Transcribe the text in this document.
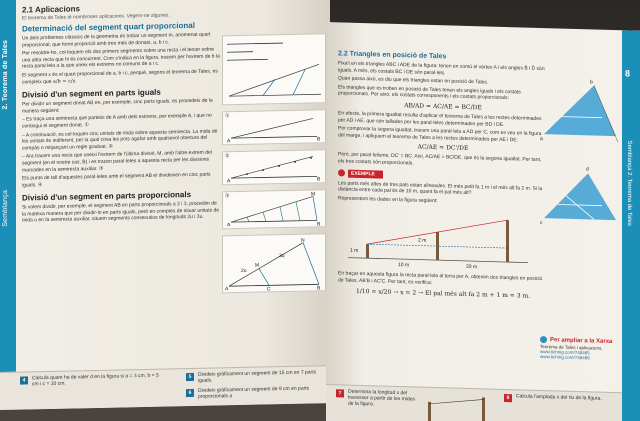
2. Teorema de Tales
Semblança
2.1 Aplicacions
El teorema de Tales té nombroses aplicacions. Vegem-ne algunes.
Determinació del segment quart proporcional
Un dels problemes clàssics de la geometria és trobar un segment m, anomenat quart proporcional, que formi proporció amb tres més de donats, a, b i c.
Per resoldre-ho, col·loquem els dos primers segments sobre una recta i el tercer sobre una altra recta que hi és concurrent. Com s'indica en la figura, tracem per l'extrem de b la recta paral·lela a la que uneix els extrems no comuns de a i c.
El segment x és el quart proporcional de a, b i c, perquè, segons el teorema de Tales, es compleix que a/b = c/x
Divisió d'un segment en parts iguals
Per dividir un segment donat AB en, per exemple, cinc parts iguals, es procedeix de la manera següent:
– Es traça una semirecta que parteixi de A amb dels extrems, per exemple A, i que no contingui el segment donat. ①
– A continuació, es col·loquen cinc unitats de mida sobre aquesta semirecta. La mida de les unitats és indiferent, per la qual cosa les pots agafar amb qualsevol obertura del compàs o mitjançant un regle graduat. ②
– Ara tracem una recta que uneixi l'extrem de l'última divisió, M, amb l'altre extrem del segment (en el nostre cas, B) i es tracen paral·leles a aquesta recta per les divisions marcades en la semirecta auxiliar. ③
Els punts de tall d'aquestes paral·leles amb el segment AB el divideixen en cinc parts iguals. ④
Divisió d'un segment en parts proporcionals
Si volem dividir, per exemple, el segment AB en parts proporcionals a 2 i 3, procedim de la mateixa manera que per dividir-lo en parts iguals, però en comptes de situar unitats de mida u en la semirecta auxiliar, situem segments consecutius de longituds 2u i 3u.
①
A	B
②
A	B
③
A	B
M
A	B
C
M
N
2u
3u
4	Calcula quant ha de valer d en la figura si a = 3 cm, b = 5 cm i c = 10 cm.
5	Divideix gràficament un segment de 15 cm en 7 parts iguals.
6	Divideix gràficament un segment de 9 cm en parts proporcionals a
8
Semblança 2. Teorema de Tales
2.2 Triangles en posició de Tales
Fixa't en els triangles ABC i ADE de la figura: tenen en comú el vèrtex A i els angles B̂ i D̂ són iguals. A més, els costats BC i DE són paral·lels.
Quan passa això, es diu que els triangles estan en posició de Tales.
Els triangles que es troben en posició de Tales tenen els angles iguals i els costats proporcionals. Per això, els costats corresponents i els costats proporcionals:
AB/AD = AC/AE = BC/DE
En efecte, la primera igualtat resulta d'aplicar el teorema de Tales a les rectes determinades per AD i AE, que són tallades per les paral·leles determinades per BD i DE.
Per comprovar la segona igualtat, tracem una paral·lela a AD per C, com es veu en la figura del marge, i apliquem el teorema de Tales a les rectes determinades per AE i DE:
AC/AE = DC'/DE
Però, per paral·lelisme, DC' = BC. Així, AC/AE = BC/DE, que és la segona igualtat. Per tant, els tres costats són proporcionals.
EXEMPLE
Les parts més altes de tres pals estan alineades. El més petit fa 1 m i el més alt fa 2 m. Si la distància entre cada pal és de 10 m, quant fa el pal més alt?
Representem les dades en la figura següent:
1 m
2 m
10 m	20 m
En traçar en aquesta figura la recta paral·lela al terra per A, obtenim dos triangles en posició de Tales, AB'B i AC'C. Per tant, es verifica:
1/10 = x/20 → x = 2 → El pal més alt fa 2 m + 1 m = 3 m.
a
b
c
d
Per ampliar a la Xarxa
Teorema de Tales i aplicacions.
www.tiching.com/748465
www.tiching.com/748466
7	Determina la longitud x del travesser a partir de les mides de la figura.
8	Calcula l'amplada x del riu de la figura.
